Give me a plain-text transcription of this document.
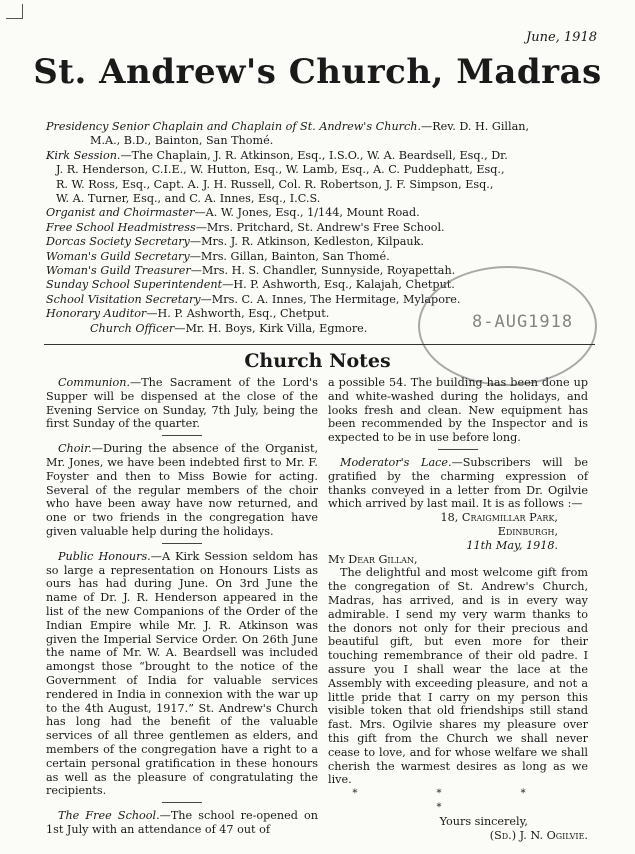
June, 1918
St. Andrew's Church, Madras
Presidency Senior Chaplain and Chaplain of St. Andrew's Church.—Rev. D. H. Gillan,
M.A., B.D., Bainton, San Thomé.
Kirk Session.—The Chaplain, J. R. Atkinson, Esq., I.S.O., W. A. Beardsell, Esq., Dr.
J. R. Henderson, C.I.E., W. Hutton, Esq., W. Lamb, Esq., A. C. Puddephatt, Esq.,
R. W. Ross, Esq., Capt. A. J. H. Russell, Col. R. Robertson, J. F. Simpson, Esq.,
W. A. Turner, Esq., and C. A. Innes, Esq., I.C.S.
Organist and Choirmaster—A. W. Jones, Esq., 1/144, Mount Road.
Free School Headmistress—Mrs. Pritchard, St. Andrew's Free School.
Dorcas Society Secretary—Mrs. J. R. Atkinson, Kedleston, Kilpauk.
Woman's Guild Secretary—Mrs. Gillan, Bainton, San Thomé.
Woman's Guild Treasurer—Mrs. H. S. Chandler, Sunnyside, Royapettah.
Sunday School Superintendent—H. P. Ashworth, Esq., Kalajah, Chetput.
School Visitation Secretary—Mrs. C. A. Innes, The Hermitage, Mylapore.
Honorary Auditor—H. P. Ashworth, Esq., Chetput.
Church Officer—Mr. H. Boys, Kirk Villa, Egmore.	8-AUG1918
Church Notes

Communion.—The Sacrament of the Lord's Supper will be dispensed at the close of the Evening Service on Sunday, 7th July, being the first Sunday of the quarter.

Choir.—During the absence of the Organist, Mr. Jones, we have been indebted first to Mr. F. Foyster and then to Miss Bowie for acting. Several of the regular members of the choir who have been away have now returned, and one or two friends in the congregation have given valuable help during the holidays.

Public Honours.—A Kirk Session seldom has so large a representation on Honours Lists as ours has had during June. On 3rd June the name of Dr. J. R. Henderson appeared in the list of the new Companions of the Order of the Indian Empire while Mr. J. R. Atkinson was given the Imperial Service Order. On 26th June the name of Mr. W. A. Beardsell was included amongst those “brought to the notice of the Government of India for valuable services rendered in India in connexion with the war up to the 4th August, 1917.” St. Andrew's Church has long had the benefit of the valuable services of all three gentlemen as elders, and members of the congregation have a right to a certain personal gratification in these honours as well as the pleasure of congratulating the recipients.

The Free School.—The school re-opened on 1st July with an attendance of 47 out of

a possible 54. The building has been done up and white-washed during the holidays, and looks fresh and clean. New equipment has been recommended by the Inspector and is expected to be in use before long.

Moderator's Lace.—Subscribers will be gratified by the charming expression of thanks conveyed in a letter from Dr. Ogilvie which arrived by last mail. It is as follows :—

18, Craigmillar Park,
Edinburgh,
11th May, 1918.
My Dear Gillan,

The delightful and most welcome gift from the congregation of St. Andrew's Church, Madras, has arrived, and is in every way admirable. I send my very warm thanks to the donors not only for their precious and beautiful gift, but even more for their touching remembrance of their old padre. I assure you I shall wear the lace at the Assembly with exceeding pleasure, and not a little pride that I carry on my person this visible token that old friendships still stand fast. Mrs. Ogilvie shares my pleasure over this gift from the Church we shall never cease to love, and for whose welfare we shall cherish the warmest desires as long as we live.

* * * *
Yours sincerely,
(Sd.) J. N. Ogilvie.
